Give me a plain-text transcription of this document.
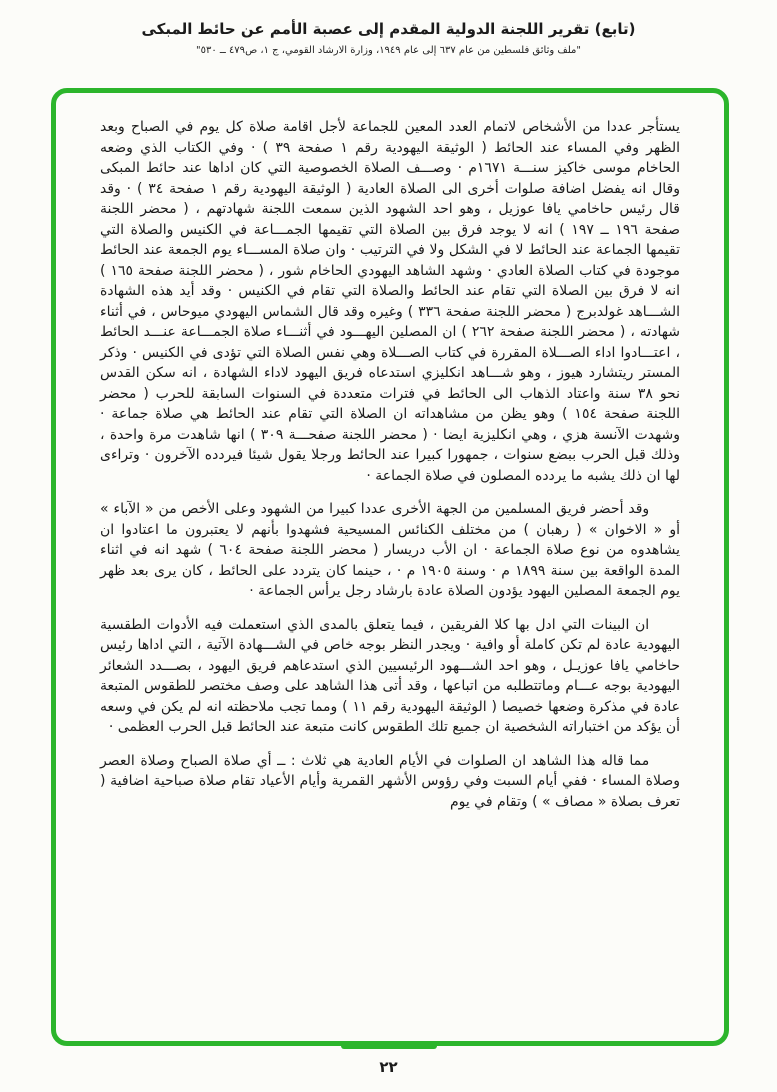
(تابع) تقرير اللجنة الدولية المقدم إلى عصبة الأمم عن حائط المبكى
"ملف وثائق فلسطين من عام ٦٣٧ إلى عام ١٩٤٩، وزارة الارشاد القومي، ج ١، ص٤٧٩ ــ ٥٣٠"

يستأجر عددا من الأشخاص لاتمام العدد المعين للجماعة لأجل اقامة صلاة كل يوم في الصباح وبعد الظهر وفي المساء عند الحائط ( الوثيقة اليهودية رقم ١ صفحة ٣٩ ) · وفي الكتاب الذي وضعه الحاخام موسى خاكيز سنـــة ١٦٧١م · وصـــف الصلاة الخصوصية التي كان اداها عند حائط المبكى وقال انه يفضل اضافة صلوات أخرى الى الصلاة العادية ( الوثيقة اليهودية رقم ١ صفحة ٣٤ ) · وقد قال رئيس حاخامي يافا عوزيل ، وهو احد الشهود الذين سمعت اللجنة شهادتهم ، ( محضر اللجنة صفحة ١٩٦ ــ ١٩٧ ) انه لا يوجد فرق بين الصلاة التي تقيمها الجمـــاعة في الكنيس والصلاة التي تقيمها الجماعة عند الحائط لا في الشكل ولا في الترتيب · وان صلاة المســـاء يوم الجمعة عند الحائط موجودة في كتاب الصلاة العادي · وشهد الشاهد اليهودي الحاخام شور ، ( محضر اللجنة صفحة ١٦٥ ) انه لا فرق بين الصلاة التي تقام عند الحائط والصلاة التي تقام في الكنيس · وقد أيد هذه الشهادة الشـــاهد غولدبرج ( محضر اللجنة صفحة ٣٣٦ ) وغيره وقد قال الشماس اليهودي ميوحاس ، في أثناء شهادته ، ( محضر اللجنة صفحة ٢٦٢ ) ان المصلين اليهـــود في أثنـــاء صلاة الجمـــاعة عنـــد الحائط ، اعتـــادوا اداء الصـــلاة المقررة في كتاب الصـــلاة وهي نفس الصلاة التي تؤدى في الكنيس · وذكر المستر ريتشارد هيوز ، وهو شـــاهد انكليزي استدعاه فريق اليهود لاداء الشهادة ، انه سكن القدس نحو ٣٨ سنة واعتاد الذهاب الى الحائط في فترات متعددة في السنوات السابقة للحرب ( محضر اللجنة صفحة ١٥٤ ) وهو يظن من مشاهداته ان الصلاة التي تقام عند الحائط هي صلاة جماعة · وشهدت الآنسة هزي ، وهي انكليزية ايضا · ( محضر اللجنة صفحـــة ٣٠٩ ) انها شاهدت مرة واحدة ، وذلك قبل الحرب ببضع سنوات ، جمهورا كبيرا عند الحائط ورجلا يقول شيئا فيردده الآخرون · وتراءى لها ان ذلك يشبه ما يردده المصلون في صلاة الجماعة ·

وقد أحضر فريق المسلمين من الجهة الأخرى عددا كبيرا من الشهود وعلى الأخص من « الآباء » أو « الاخوان » ( رهبان ) من مختلف الكنائس المسيحية فشهدوا بأنهم لا يعتبرون ما اعتادوا ان يشاهدوه من نوع صلاة الجماعة · ان الأب دريسار ( محضر اللجنة صفحة ٦٠٤ ) شهد انه في اثناء المدة الواقعة بين سنة ١٨٩٩ م · وسنة ١٩٠٥ م · ، حينما كان يتردد على الحائط ، كان يرى بعد ظهر يوم الجمعة المصلين اليهود يؤدون الصلاة عادة بارشاد رجل يرأس الجماعة ·

ان البينات التي ادل بها كلا الفريقين ، فيما يتعلق بالمدى الذي استعملت فيه الأدوات الطقسية اليهودية عادة لم تكن كاملة أو وافية · ويجدر النظر بوجه خاص في الشـــهادة الآتية ، التي اداها رئيس حاخامي يافا عوزيـل ، وهو احد الشـــهود الرئيسيين الذي استدعاهم فريق اليهود ، بصـــدد الشعائر اليهودية بوجه عـــام وماتتطلبه من اتباعها ، وقد أتى هذا الشاهد على وصف مختصر للطقوس المتبعة عادة في مذكرة وضعها خصيصا ( الوثيقة اليهودية رقم ١١ ) ومما تجب ملاحظته انه لم يكن في وسعه أن يؤكد من اختباراته الشخصية ان جميع تلك الطقوس كانت متبعة عند الحائط قبل الحرب العظمى ·

مما قاله هذا الشاهد ان الصلوات في الأيام العادية هي ثلاث : ــ أي صلاة الصباح وصلاة العصر وصلاة المساء · ففي أيام السبت وفي رؤوس الأشهر القمرية وأيام الأعياد تقام صلاة صباحية اضافية ( تعرف بصلاة « مصاف » ) وتقام في يوم

٢٢
